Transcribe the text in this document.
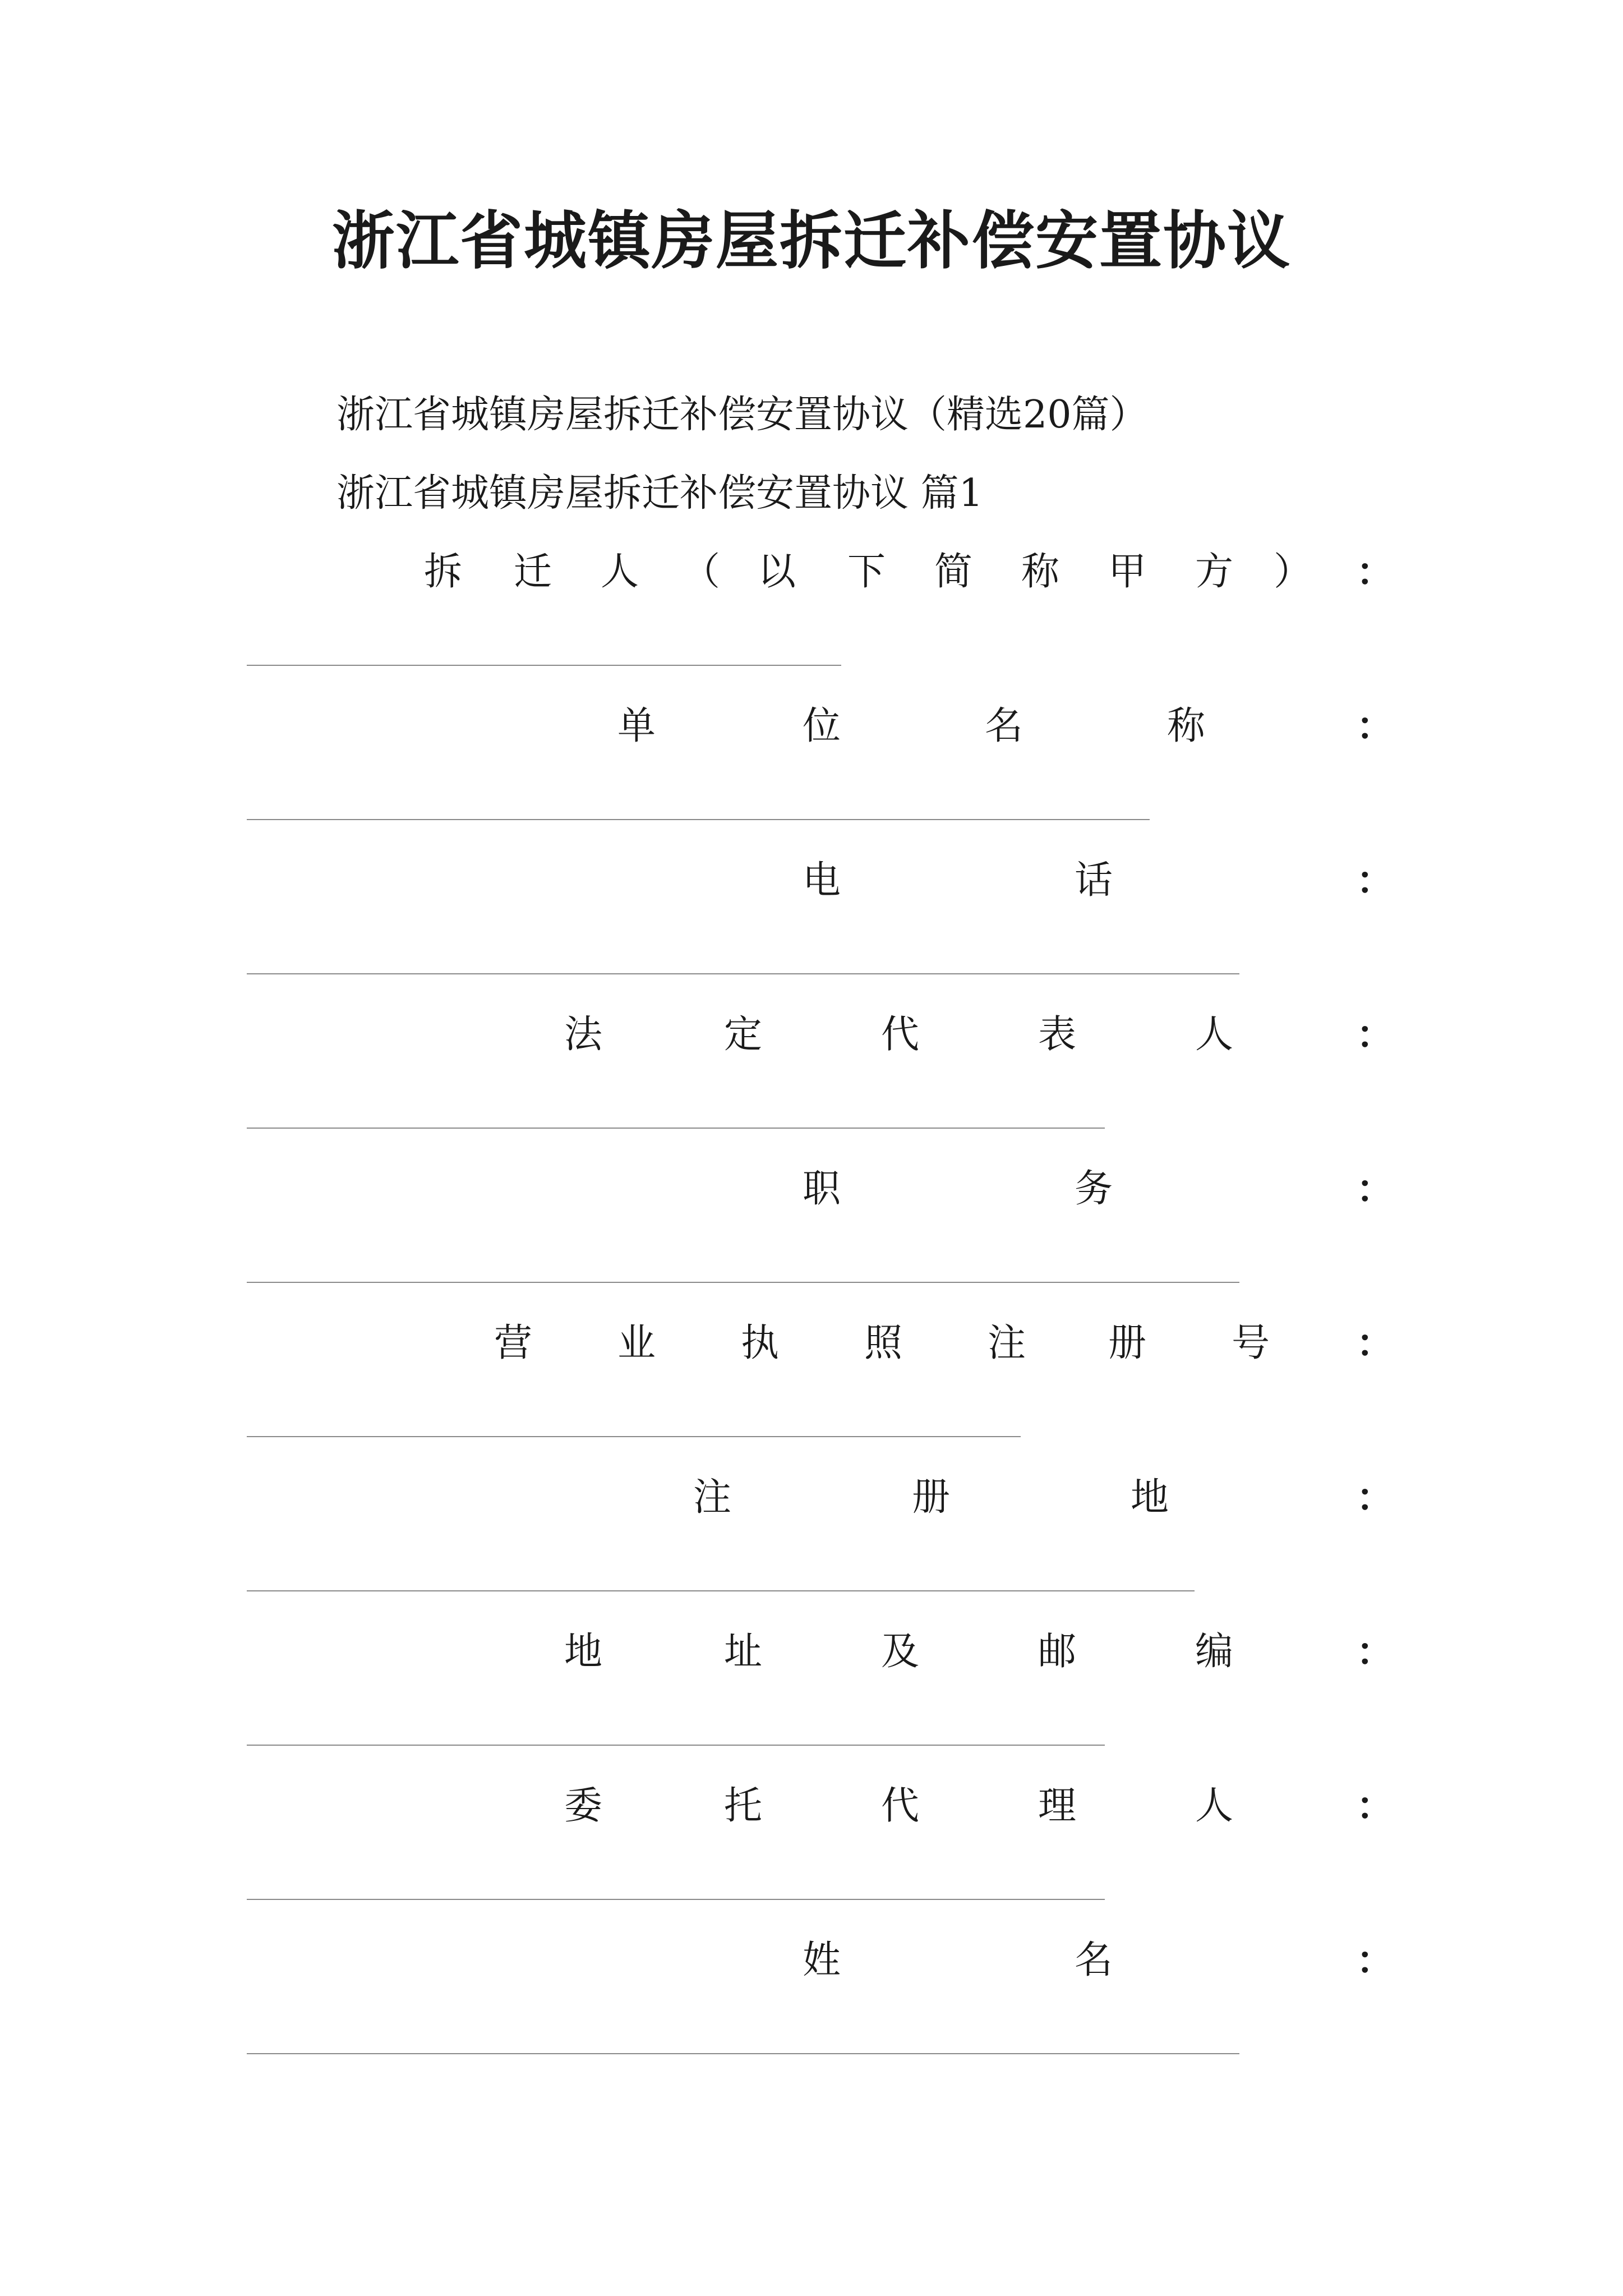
浙江省城镇房屋拆迁补偿安置协议
浙江省城镇房屋拆迁补偿安置协议（精选20篇）
浙江省城镇房屋拆迁补偿安置协议 篇1
拆 迁 人 （ 以 下 简 称 甲 方 ） ：
单	位	名	称	：
电	话	：
法	定	代	表	人	：
职	务	：
营 业 执 照 注 册 号 ：
注	册	地	：
地	址	及	邮	编	：
委	托	代	理	人	：
姓	名	：
